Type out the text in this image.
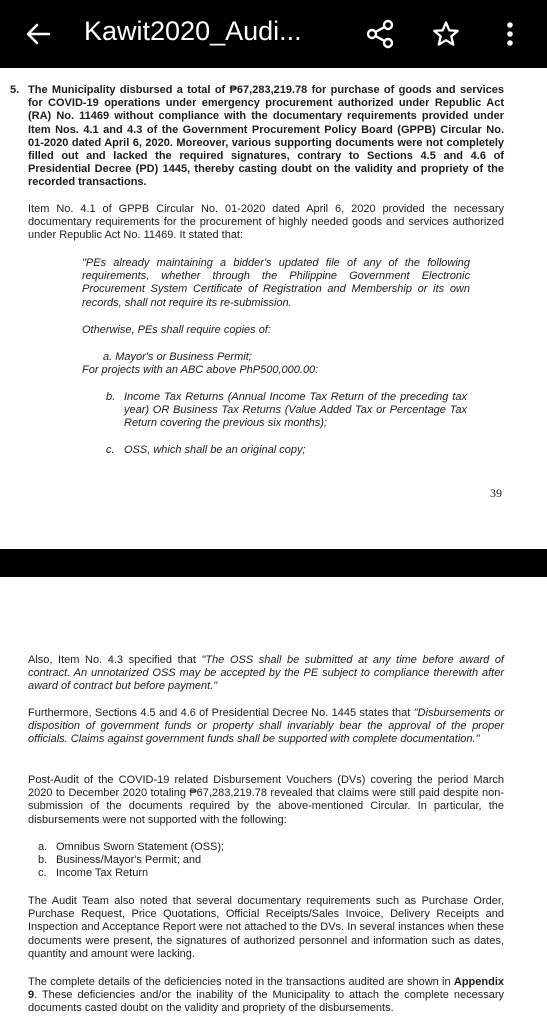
Kawit2020_Audi...

5. The Municipality disbursed a total of ₱67,283,219.78 for purchase of goods and services for COVID-19 operations under emergency procurement authorized under Republic Act (RA) No. 11469 without compliance with the documentary requirements provided under Item Nos. 4.1 and 4.3 of the Government Procurement Policy Board (GPPB) Circular No. 01-2020 dated April 6, 2020. Moreover, various supporting documents were not completely filled out and lacked the required signatures, contrary to Sections 4.5 and 4.6 of Presidential Decree (PD) 1445, thereby casting doubt on the validity and propriety of the recorded transactions.

Item No. 4.1 of GPPB Circular No. 01-2020 dated April 6, 2020 provided the necessary documentary requirements for the procurement of highly needed goods and services authorized under Republic Act No. 11469. It stated that:

"PEs already maintaining a bidder's updated file of any of the following requirements, whether through the Philippine Government Electronic Procurement System Certificate of Registration and Membership or its own records, shall not require its re-submission.

Otherwise, PEs shall require copies of:

a. Mayor's or Business Permit;

For projects with an ABC above PhP500,000.00:

b. Income Tax Returns (Annual Income Tax Return of the preceding tax year) OR Business Tax Returns (Value Added Tax or Percentage Tax Return covering the previous six months);

c. OSS, which shall be an original copy;

39

Also, Item No. 4.3 specified that "The OSS shall be submitted at any time before award of contract. An unnotarized OSS may be accepted by the PE subject to compliance therewith after award of contract but before payment."

Furthermore, Sections 4.5 and 4.6 of Presidential Decree No. 1445 states that "Disbursements or disposition of government funds or property shall invariably bear the approval of the proper officials. Claims against government funds shall be supported with complete documentation."

Post-Audit of the COVID-19 related Disbursement Vouchers (DVs) covering the period March 2020 to December 2020 totaling ₱67,283,219.78 revealed that claims were still paid despite non-submission of the documents required by the above-mentioned Circular. In particular, the disbursements were not supported with the following:

a. Omnibus Sworn Statement (OSS);
b. Business/Mayor's Permit; and
c. Income Tax Return

The Audit Team also noted that several documentary requirements such as Purchase Order, Purchase Request, Price Quotations, Official Receipts/Sales Invoice, Delivery Receipts and Inspection and Acceptance Report were not attached to the DVs. In several instances when these documents were present, the signatures of authorized personnel and information such as dates, quantity and amount were lacking.

The complete details of the deficiencies noted in the transactions audited are shown in Appendix 9. These deficiencies and/or the inability of the Municipality to attach the complete necessary documents casted doubt on the validity and propriety of the disbursements.
